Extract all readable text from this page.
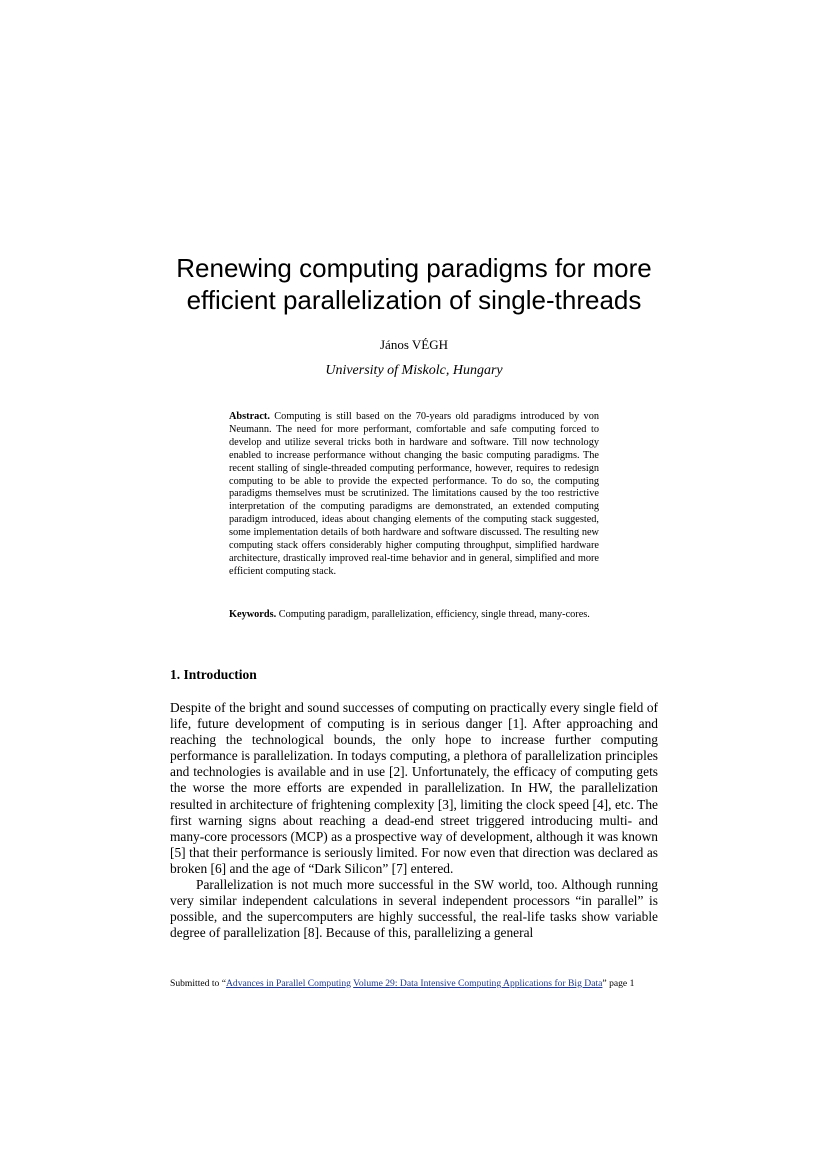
Renewing computing paradigms for more
efficient parallelization of single-threads
János VÉGH
University of Miskolc, Hungary

Abstract. Computing is still based on the 70-years old paradigms introduced by von Neumann. The need for more performant, comfortable and safe computing forced to develop and utilize several tricks both in hardware and software. Till now technology enabled to increase performance without changing the basic computing paradigms. The recent stalling of single-threaded computing performance, however, requires to redesign computing to be able to provide the expected performance. To do so, the computing paradigms themselves must be scrutinized. The limitations caused by the too restrictive interpretation of the computing paradigms are demonstrated, an extended computing paradigm introduced, ideas about changing elements of the computing stack suggested, some implementation details of both hardware and software discussed. The resulting new computing stack offers considerably higher computing throughput, simplified hardware architecture, drastically improved real-time behavior and in general, simplified and more efficient computing stack.

Keywords. Computing paradigm, parallelization, efficiency, single thread, many-cores.

1. Introduction

Despite of the bright and sound successes of computing on practically every single field of life, future development of computing is in serious danger [1]. After approaching and reaching the technological bounds, the only hope to increase further computing performance is parallelization. In todays computing, a plethora of parallelization principles and technologies is available and in use [2]. Unfortunately, the efficacy of computing gets the worse the more efforts are expended in parallelization. In HW, the parallelization resulted in architecture of frightening complexity [3], limiting the clock speed [4], etc. The first warning signs about reaching a dead-end street triggered introducing multi- and many-core processors (MCP) as a prospective way of development, although it was known [5] that their performance is seriously limited. For now even that direction was declared as broken [6] and the age of “Dark Silicon” [7] entered.

Parallelization is not much more successful in the SW world, too. Although running very similar independent calculations in several independent processors “in parallel” is possible, and the supercomputers are highly successful, the real-life tasks show variable degree of parallelization [8]. Because of this, parallelizing a general

Submitted to “Advances in Parallel Computing Volume 29: Data Intensive Computing Applications for Big Data” page 1
